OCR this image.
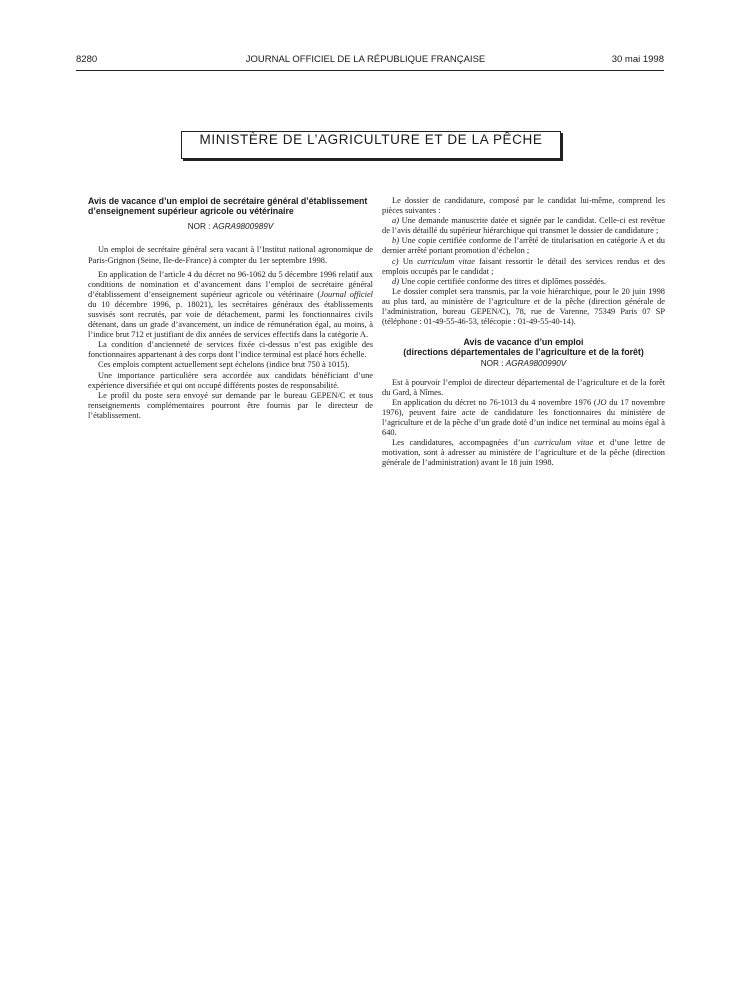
8280	JOURNAL OFFICIEL DE LA RÉPUBLIQUE FRANÇAISE	30 mai 1998
MINISTÈRE DE L’AGRICULTURE ET DE LA PÊCHE
Avis de vacance d’un emploi de secrétaire général d’établissement d’enseignement supérieur agricole ou vétérinaire
NOR : AGRA9800989V

Un emploi de secrétaire général sera vacant à l’Institut national agronomique de Paris-Grignon (Seine, Ile-de-France) à compter du 1er septembre 1998.

En application de l’article 4 du décret no 96-1062 du 5 décembre 1996 relatif aux conditions de nomination et d’avancement dans l’emploi de secrétaire général d’établissement d’enseignement supérieur agricole ou vétérinaire (Journal officiel du 10 décembre 1996, p. 18021), les secrétaires généraux des établissements susvisés sont recrutés, par voie de détachement, parmi les fonctionnaires civils détenant, dans un grade d’avancement, un indice de rémunération égal, au moins, à l’indice brut 712 et justifiant de dix années de services effectifs dans la catégorie A.

La condition d’ancienneté de services fixée ci-dessus n’est pas exigible des fonctionnaires appartenant à des corps dont l’indice terminal est placé hors échelle.

Ces emplois comptent actuellement sept échelons (indice brut 750 à 1015).

Une importance particulière sera accordée aux candidats bénéficiant d’une expérience diversifiée et qui ont occupé différents postes de responsabilité.

Le profil du poste sera envoyé sur demande par le bureau GEPEN/C et tous renseignements complémentaires pourront être fournis par le directeur de l’établissement.

Le dossier de candidature, composé par le candidat lui-même, comprend les pièces suivantes :

a) Une demande manuscrite datée et signée par le candidat. Celle-ci est revêtue de l’avis détaillé du supérieur hiérarchique qui transmet le dossier de candidature ;

b) Une copie certifiée conforme de l’arrêté de titularisation en catégorie A et du dernier arrêté portant promotion d’échelon ;

c) Un curriculum vitae faisant ressortir le détail des services rendus et des emplois occupés par le candidat ;

d) Une copie certifiée conforme des titres et diplômes possédés.

Le dossier complet sera transmis, par la voie hiérarchique, pour le 20 juin 1998 au plus tard, au ministère de l’agriculture et de la pêche (direction générale de l’administration, bureau GEPEN/C), 78, rue de Varenne, 75349 Paris 07 SP (téléphone : 01-49-55-46-53, télécopie : 01-49-55-40-14).

Avis de vacance d’un emploi
(directions départementales de l’agriculture et de la forêt)
NOR : AGRA9800990V

Est à pourvoir l’emploi de directeur départemental de l’agriculture et de la forêt du Gard, à Nîmes.

En application du décret no 76-1013 du 4 novembre 1976 (JO du 17 novembre 1976), peuvent faire acte de candidature les fonctionnaires du ministère de l’agriculture et de la pêche d’un grade doté d’un indice net terminal au moins égal à 640.

Les candidatures, accompagnées d’un curriculum vitae et d’une lettre de motivation, sont à adresser au ministère de l’agriculture et de la pêche (direction générale de l’administration) avant le 18 juin 1998.
